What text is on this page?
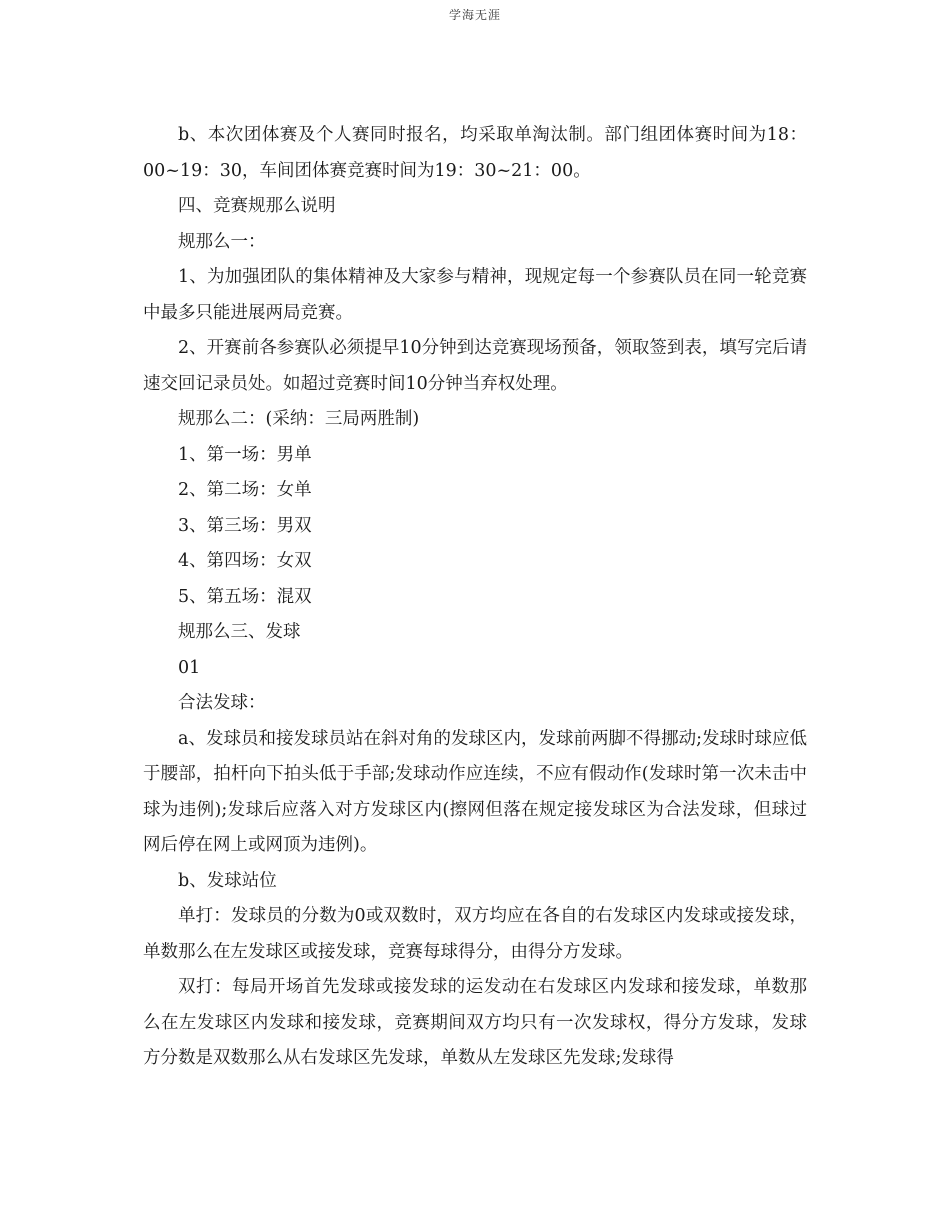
学海无涯

b、本次团体赛及个人赛同时报名，均采取单淘汰制。部门组团体赛时间为18：00~19：30，车间团体赛竞赛时间为19：30~21：00。

四、竞赛规那么说明

规那么一：

1、为加强团队的集体精神及大家参与精神，现规定每一个参赛队员在同一轮竞赛中最多只能进展两局竞赛。

2、开赛前各参赛队必须提早10分钟到达竞赛现场预备，领取签到表，填写完后请速交回记录员处。如超过竞赛时间10分钟当弃权处理。

规那么二：(采纳：三局两胜制)

1、第一场：男单

2、第二场：女单

3、第三场：男双

4、第四场：女双

5、第五场：混双

规那么三、发球

01

合法发球：

a、发球员和接发球员站在斜对角的发球区内，发球前两脚不得挪动;发球时球应低于腰部，拍杆向下拍头低于手部;发球动作应连续，不应有假动作(发球时第一次未击中球为违例);发球后应落入对方发球区内(擦网但落在规定接发球区为合法发球，但球过网后停在网上或网顶为违例)。

b、发球站位

单打：发球员的分数为0或双数时，双方均应在各自的右发球区内发球或接发球，单数那么在左发球区或接发球，竞赛每球得分，由得分方发球。

双打：每局开场首先发球或接发球的运发动在右发球区内发球和接发球，单数那么在左发球区内发球和接发球，竞赛期间双方均只有一次发球权，得分方发球，发球方分数是双数那么从右发球区先发球，单数从左发球区先发球;发球得
